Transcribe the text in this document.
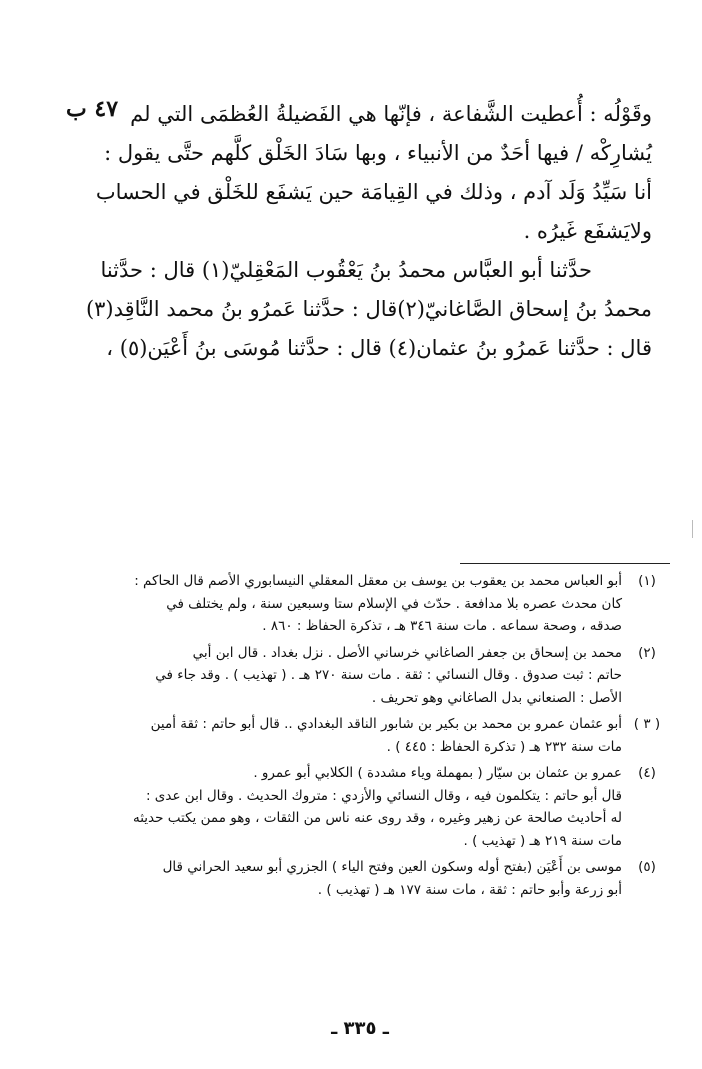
٤٧ ب وقَوْلُه : أُعطيت الشَّفاعة ، فإنّها هي الفَضيلةُ العُظمَى التي لم

يُشارِكْه / فيها أحَدٌ من الأنبياء ، وبها سَادَ الخَلْق كلَّهم حتَّى يقول :

أنا سَيِّدُ وَلَد آدم ، وذلك في القِيامَة حين يَشفَع للخَلْق في الحساب

ولايَشفَع غَيرُه .

حدَّثنا أبو العبَّاس محمدُ بنُ يَعْقُوب المَعْقِليّ(١) قال : حدَّثنا

محمدُ بنُ إسحاق الصَّاغانيّ(٢)قال : حدَّثنا عَمرُو بنُ محمد النَّاقِد(٣)

قال : حدَّثنا عَمرُو بنُ عثمان(٤) قال : حدَّثنا مُوسَى بنُ أَعْيَن(٥) ،

(١)
أبو العباس محمد بن يعقوب بن يوسف بن معقل المعقلي النيسابوري الأصم قال الحاكم :
كان محدث عصره بلا مدافعة . حدّث في الإسلام ستا وسبعين سنة ، ولم يختلف في
صدقه ، وصحة سماعه . مات سنة ٣٤٦ هـ ، تذكرة الحفاظ : ٨٦٠ .
(٢)
محمد بن إسحاق بن جعفر الصاغاني خرساني الأصل . نزل بغداد . قال ابن أبي
حاتم : ثبت صدوق . وقال النسائي : ثقة . مات سنة ٢٧٠ هـ . ( تهذيب ) . وقد جاء في
الأصل : الصنعاني بدل الصاغاني وهو تحريف .
( ٣ )
أبو عثمان عمرو بن محمد بن بكير بن شابور الناقد البغدادي .. قال أبو حاتم : ثقة أمين
مات سنة ٢٣٢ هـ ( تذكرة الحفاظ : ٤٤٥ ) .
(٤)
عمرو بن عثمان بن سيّار ( بمهملة وياء مشددة ) الكلابي أبو عمرو .
قال أبو حاتم : يتكلمون فيه ، وقال النسائي والأزدي : متروك الحديث . وقال ابن عدى :
له أحاديث صالحة عن زهير وغيره ، وقد روى عنه ناس من الثقات ، وهو ممن يكتب حديثه
مات سنة ٢١٩ هـ ( تهذيب ) .
(٥)
موسى بن أَعْيَن (بفتح أوله وسكون العين وفتح الياء ) الجزري أبو سعيد الحراني قال
أبو زرعة وأبو حاتم : ثقة ، مات سنة ١٧٧ هـ ( تهذيب ) .
ـ ٣٣٥ ـ
